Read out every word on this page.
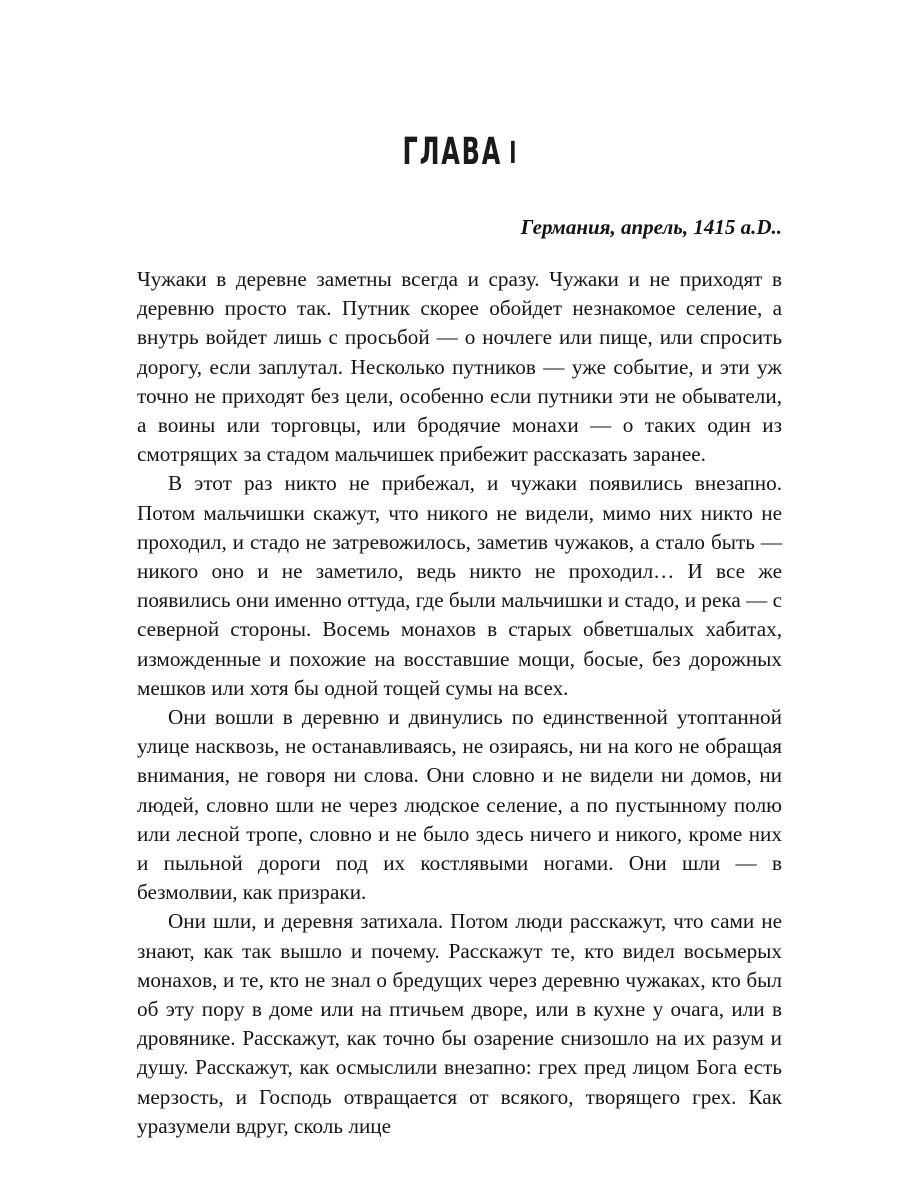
ГЛАВА I

Германия, апрель, 1415 a.D..

Чужаки в деревне заметны всегда и сразу. Чужаки и не приходят в деревню просто так. Путник скорее обойдет незнакомое селение, а внутрь войдет лишь с просьбой — о ночлеге или пище, или спросить дорогу, если заплутал. Несколько путников — уже событие, и эти уж точно не приходят без цели, особенно если путники эти не обыватели, а воины или торговцы, или бродячие монахи — о таких один из смотрящих за стадом мальчишек прибежит рассказать заранее.

В этот раз никто не прибежал, и чужаки появились внезапно. Потом мальчишки скажут, что никого не видели, мимо них никто не проходил, и стадо не затревожилось, заметив чужаков, а стало быть — никого оно и не заметило, ведь никто не проходил… И все же появились они именно оттуда, где были мальчишки и стадо, и река — с северной стороны. Восемь монахов в старых обветшалых хабитах, изможденные и похожие на восставшие мощи, босые, без дорожных мешков или хотя бы одной тощей сумы на всех.

Они вошли в деревню и двинулись по единственной утоптанной улице насквозь, не останавливаясь, не озираясь, ни на кого не обращая внимания, не говоря ни слова. Они словно и не видели ни домов, ни людей, словно шли не через людское селение, а по пустынному полю или лесной тропе, словно и не было здесь ничего и никого, кроме них и пыльной дороги под их костлявыми ногами. Они шли — в безмолвии, как призраки.

Они шли, и деревня затихала. Потом люди расскажут, что сами не знают, как так вышло и почему. Расскажут те, кто видел восьмерых монахов, и те, кто не знал о бредущих через деревню чужаках, кто был об эту пору в доме или на птичьем дворе, или в кухне у очага, или в дровянике. Расскажут, как точно бы озарение снизошло на их разум и душу. Расскажут, как осмыслили внезапно: грех пред лицом Бога есть мерзость, и Господь отвращается от всякого, творящего грех. Как уразумели вдруг, сколь лице
